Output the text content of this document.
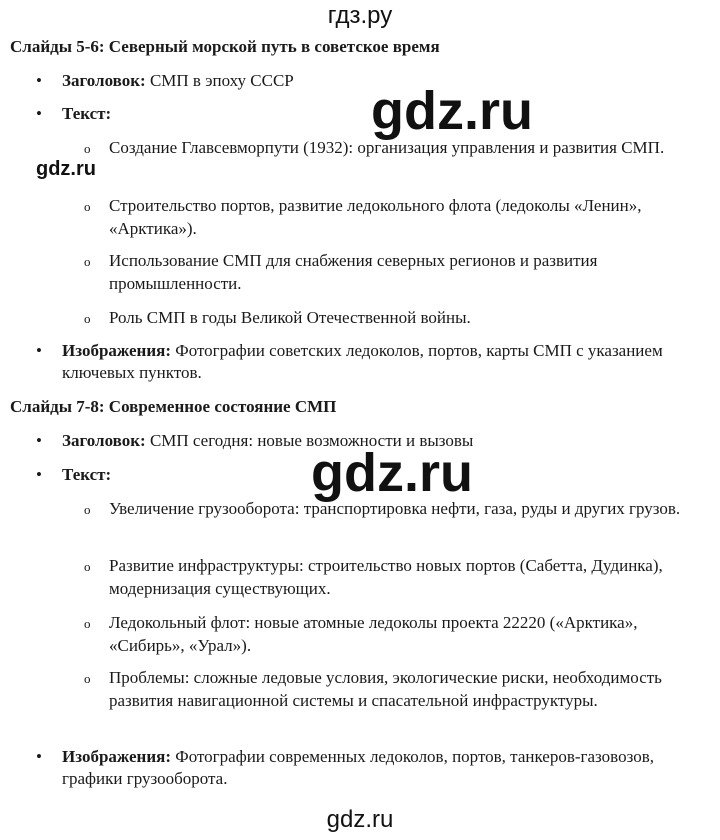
гдз.ру
Слайды 5-6: Северный морской путь в советское время
• Заголовок: СМП в эпоху СССР
• Текст:	gdz.ru
o Создание Главсевморпути (1932): организация управления и развития СМП.
gdz.ru
o Строительство портов, развитие ледокольного флота (ледоколы «Ленин», «Арктика»).
o Использование СМП для снабжения северных регионов и развития промышленности.
o Роль СМП в годы Великой Отечественной войны.
• Изображения: Фотографии советских ледоколов, портов, карты СМП с указанием ключевых пунктов.
Слайды 7-8: Современное состояние СМП
• Заголовок: СМП сегодня: новые возможности и вызовы
• Текст:	gdz.ru
o Увеличение грузооборота: транспортировка нефти, газа, руды и других грузов.
o Развитие инфраструктуры: строительство новых портов (Сабетта, Дудинка), модернизация существующих.
o Ледокольный флот: новые атомные ледоколы проекта 22220 («Арктика», «Сибирь», «Урал»).
o Проблемы: сложные ледовые условия, экологические риски, необходимость развития навигационной системы и спасательной инфраструктуры.
• Изображения: Фотографии современных ледоколов, портов, танкеров-газовозов, графики грузооборота.
gdz.ru
